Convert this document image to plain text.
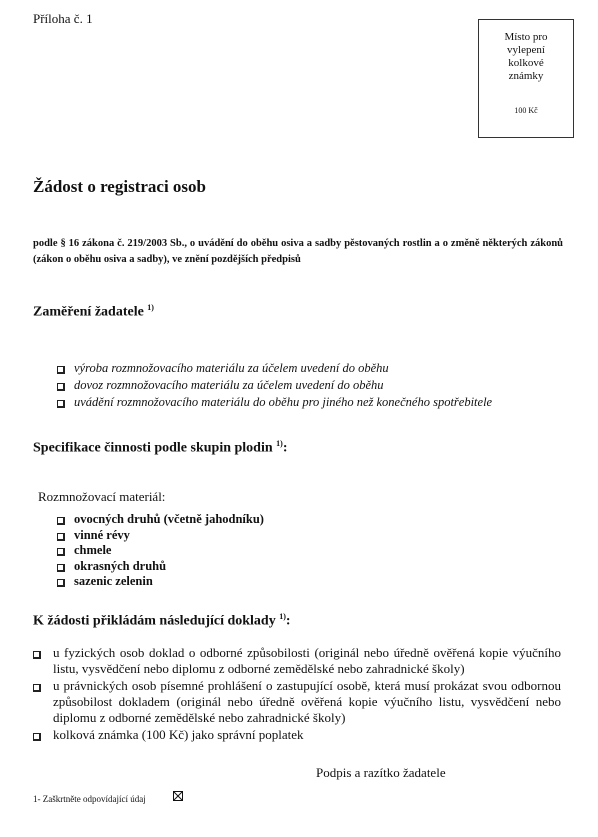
Příloha č. 1
Místo pro
vylepení
kolkové
známky
100 Kč
Žádost o registraci osob
podle § 16 zákona č. 219/2003 Sb., o uvádění do oběhu osiva a sadby pěstovaných rostlin a o změně některých zákonů (zákon o oběhu osiva a sadby), ve znění pozdějších předpisů
Zaměření žadatele $^{1)}$
výroba rozmnožovacího materiálu za účelem uvedení do oběhu
dovoz rozmnožovacího materiálu za účelem uvedení do oběhu
uvádění rozmnožovacího materiálu do oběhu pro jiného než konečného spotřebitele
Specifikace činnosti podle skupin plodin $^{1)}$:
Rozmnožovací materiál:
ovocných druhů (včetně jahodníku)
vinné révy
chmele
okrasných druhů
sazenic zelenin
K žádosti přikládám následující doklady $^{1)}$:
u fyzických osob doklad o odborné způsobilosti (originál nebo úředně ověřená kopie výučního listu, vysvědčení nebo diplomu z odborné zemědělské nebo zahradnické školy)
u právnických osob písemné prohlášení o zastupující osobě, která musí prokázat svou odbornou způsobilost dokladem (originál nebo úředně ověřená kopie výučního listu, vysvědčení nebo diplomu z odborné zemědělské nebo zahradnické školy)
kolková známka (100 Kč) jako správní poplatek
Podpis a razítko žadatele
1- Zaškrtněte odpovídající údaj
